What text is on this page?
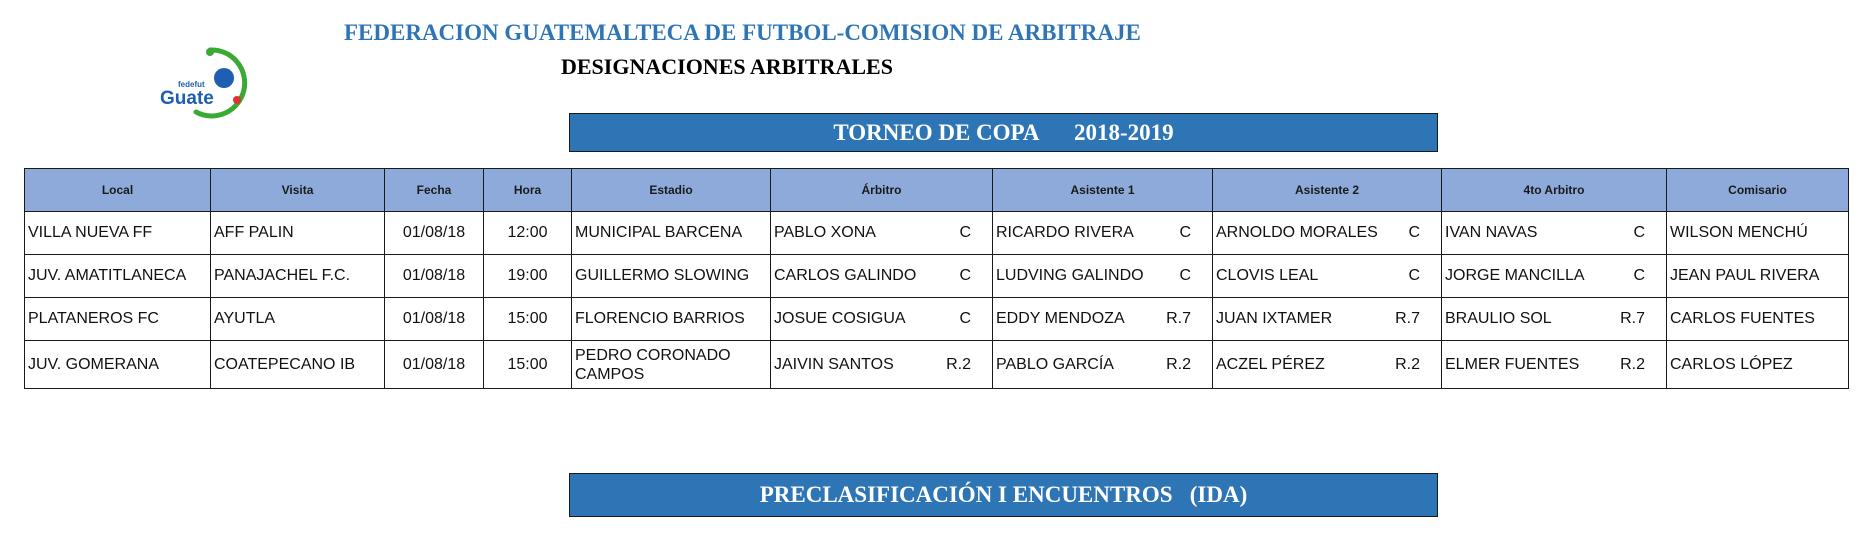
fedefut
Guate
FEDERACION GUATEMALTECA DE FUTBOL-COMISION DE ARBITRAJE
DESIGNACIONES ARBITRALES
TORNEO DE COPA
2018-2019
Local	Visita	Fecha	Hora	Estadio	Árbitro	Asistente 1	Asistente 2	4to Arbitro	Comisario
VILLA NUEVA FF	AFF PALIN	01/08/18	12:00	MUNICIPAL BARCENA	PABLO XONA C	RICARDO RIVERA C	ARNOLDO MORALES C	IVAN NAVAS C	WILSON MENCHÚ
JUV. AMATITLANECA	PANAJACHEL F.C.	01/08/18	19:00	GUILLERMO SLOWING	CARLOS GALINDO C	LUDVING GALINDO C	CLOVIS LEAL C	JORGE MANCILLA C	JEAN PAUL RIVERA
PLATANEROS FC	AYUTLA	01/08/18	15:00	FLORENCIO BARRIOS	JOSUE COSIGUA C	EDDY MENDOZA R.7	JUAN IXTAMER R.7	BRAULIO SOL R.7	CARLOS FUENTES
JUV. GOMERANA	COATEPECANO IB	01/08/18	15:00	PEDRO CORONADO CAMPOS	JAIVIN SANTOS R.2	PABLO GARCÍA R.2	ACZEL PÉREZ R.2	ELMER FUENTES R.2	CARLOS LÓPEZ
PRECLASIFICACIÓN I ENCUENTROS
(IDA)
